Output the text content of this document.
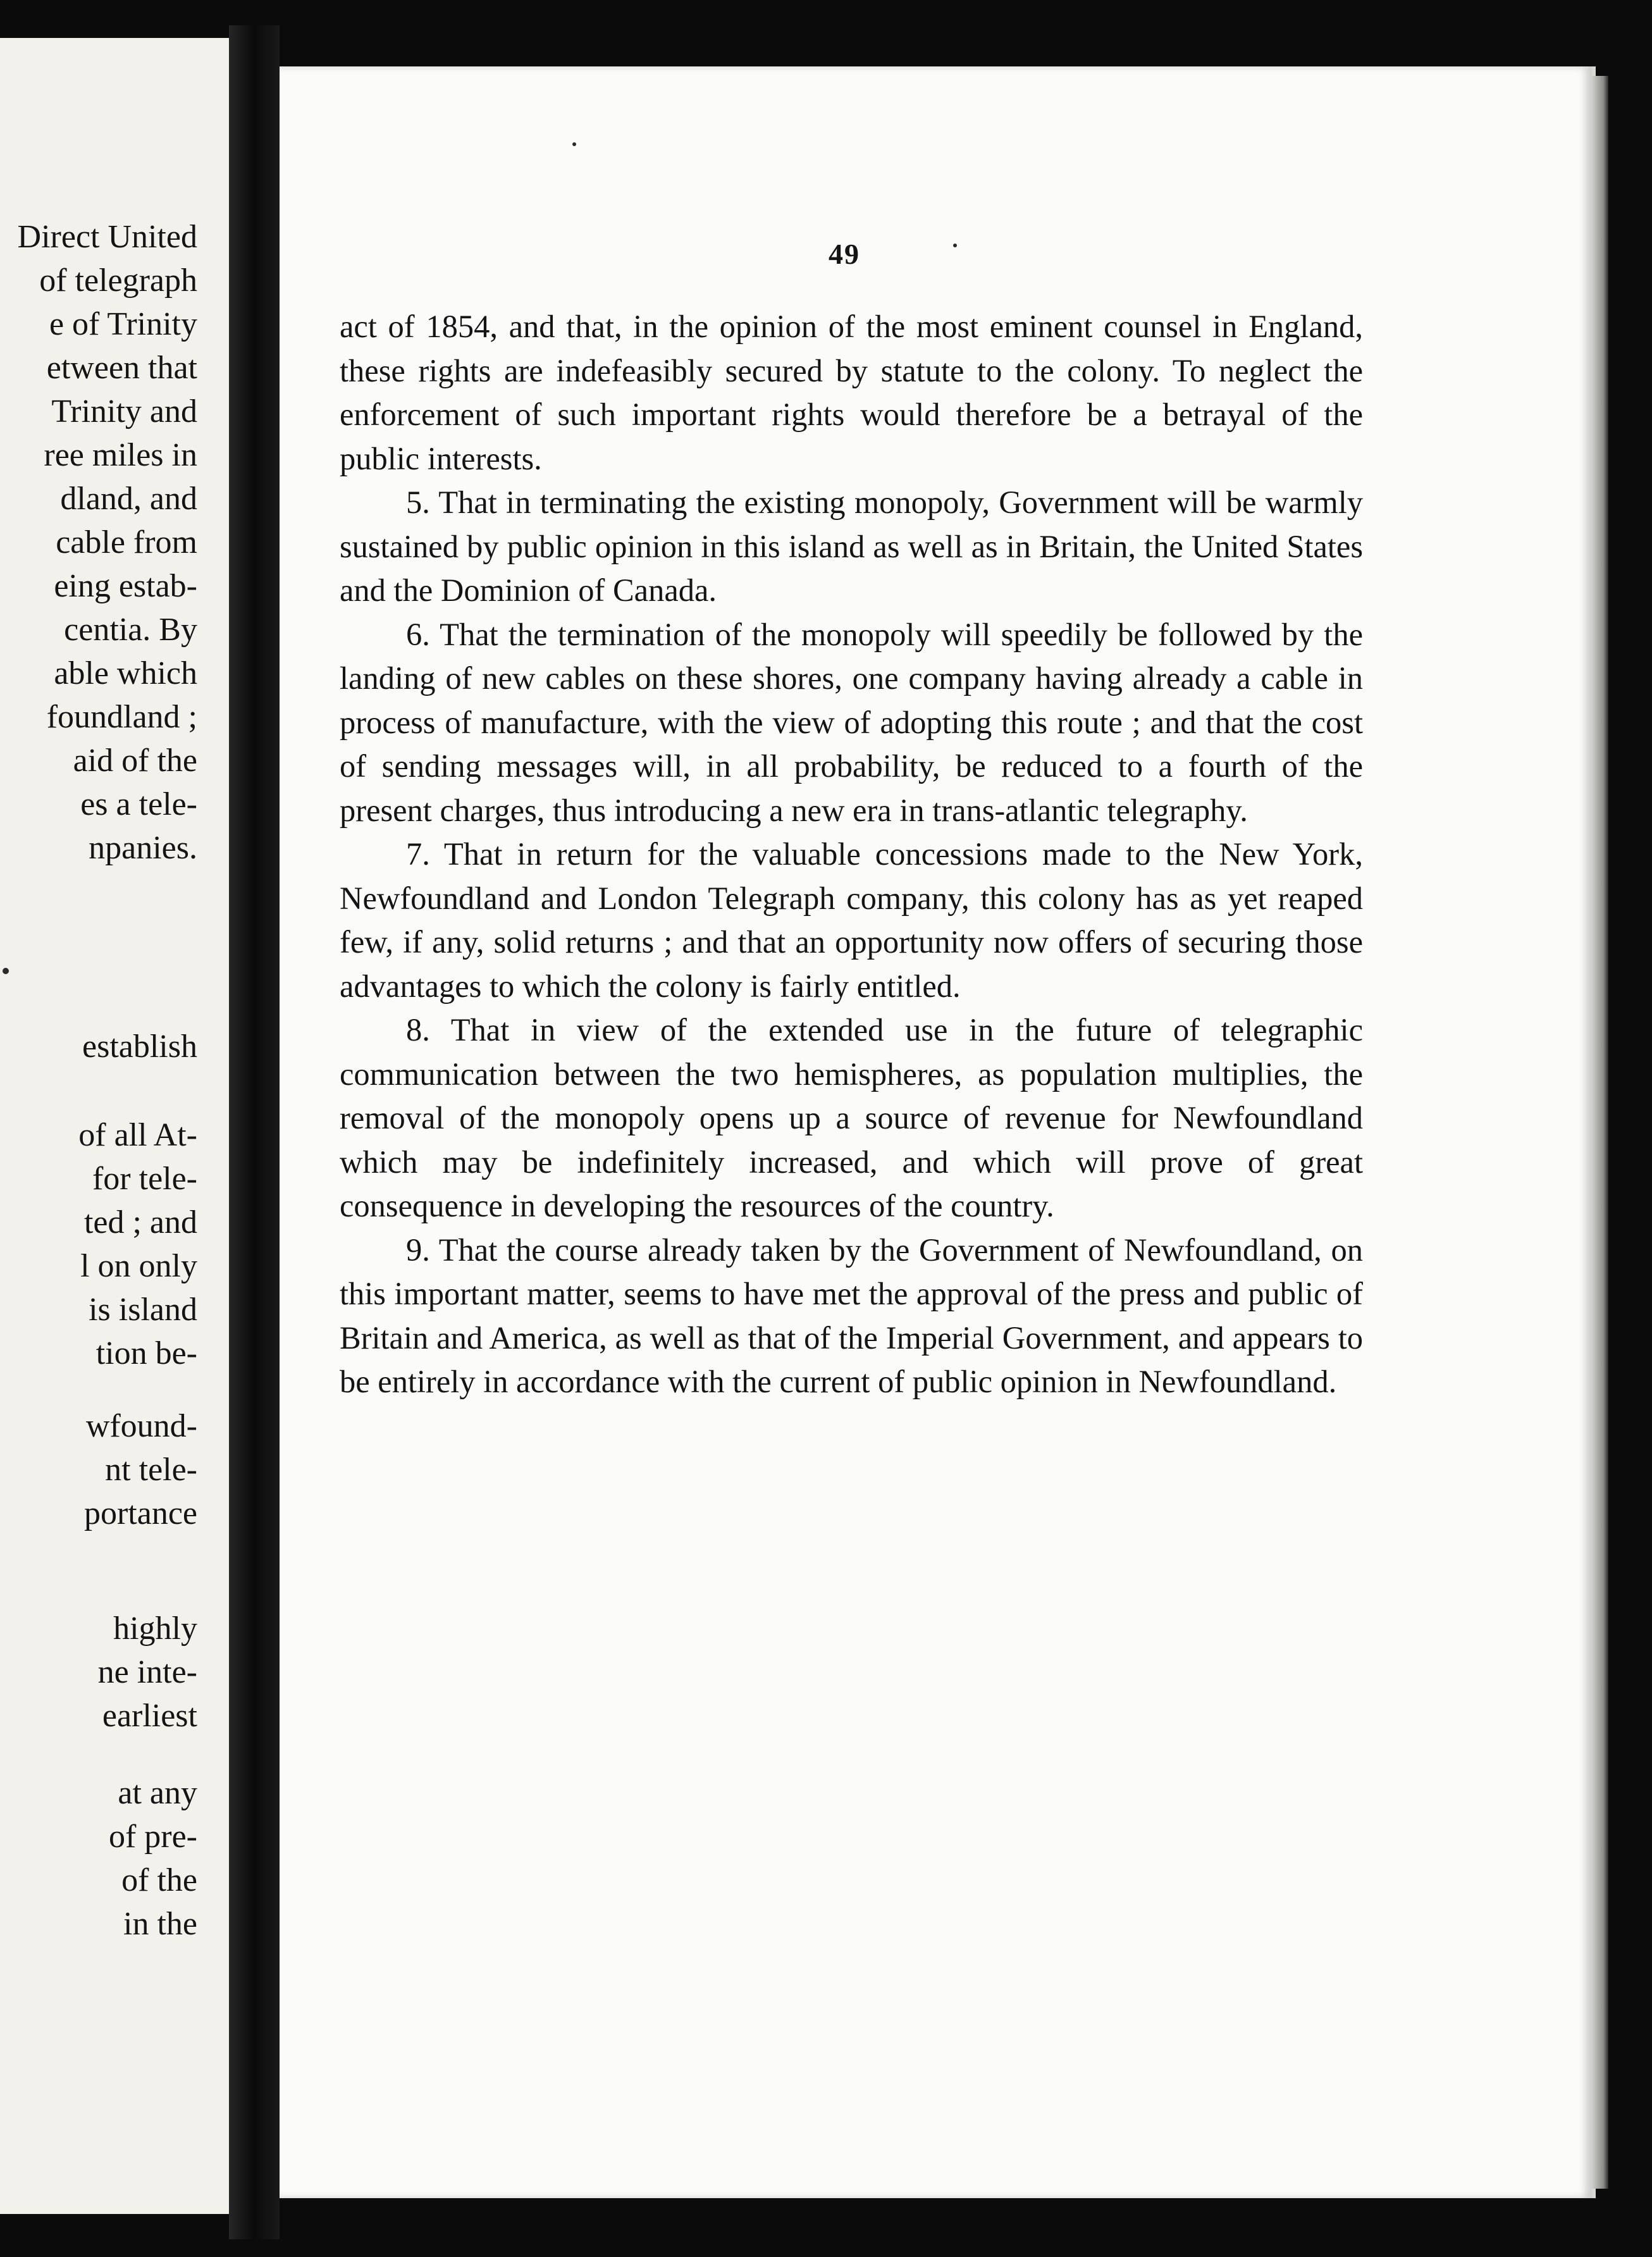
Direct United
of telegraph
e of Trinity
etween that
Trinity and
ree miles in
dland, and
cable from
eing estab-
centia. By
able which
foundland ;
aid of the
es a tele-
npanies.
establish
of all At-
for tele-
ted ; and
l on only
is island
tion be-
wfound-
nt tele-
portance
highly
ne inte-
earliest
at any
of pre-
of the
in the
49

act of 1854, and that, in the opinion of the most eminent counsel in England, these rights are indefeasibly secured by statute to the colony. To neglect the enforcement of such important rights would therefore be a betrayal of the public interests.

5. That in terminating the existing monopoly, Government will be warmly sustained by public opinion in this island as well as in Britain, the United States and the Dominion of Canada.

6. That the termination of the monopoly will speedily be followed by the landing of new cables on these shores, one company having already a cable in process of manufacture, with the view of adopting this route ; and that the cost of sending messages will, in all probability, be reduced to a fourth of the present charges, thus introducing a new era in trans-atlantic telegraphy.

7. That in return for the valuable concessions made to the New York, Newfoundland and London Telegraph company, this colony has as yet reaped few, if any, solid returns ; and that an opportunity now offers of securing those advantages to which the colony is fairly entitled.

8. That in view of the extended use in the future of telegraphic communication between the two hemispheres, as population multiplies, the removal of the monopoly opens up a source of revenue for Newfoundland which may be indefinitely increased, and which will prove of great consequence in developing the resources of the country.

9. That the course already taken by the Government of Newfoundland, on this important matter, seems to have met the approval of the press and public of Britain and America, as well as that of the Imperial Government, and appears to be entirely in accordance with the current of public opinion in Newfoundland.
